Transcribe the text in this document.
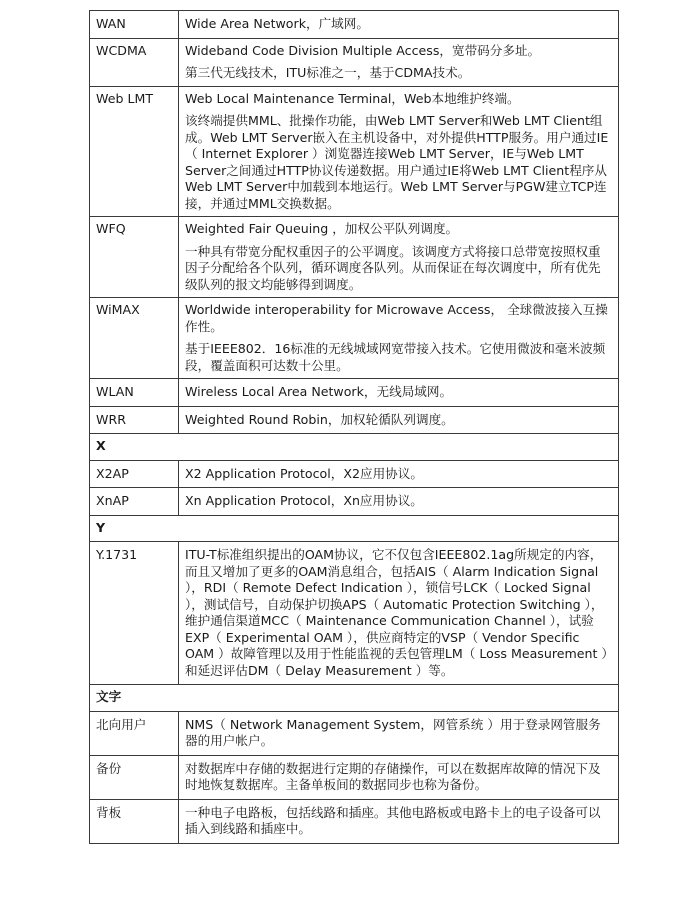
WAN	Wide Area Network，广域网。

WCDMA	Wideband Code Division Multiple Access，宽带码分多址。

第三代无线技术，ITU标准之一，基于CDMA技术。

Web LMT	Web Local Maintenance Terminal，Web本地维护终端。

该终端提供MML、批操作功能，由Web LMT Server和Web LMT Client组成。Web LMT Server嵌入在主机设备中，对外提供HTTP服务。用户通过IE（ Internet Explorer ）浏览器连接Web LMT Server，IE与Web LMT Server之间通过HTTP协议传递数据。用户通过IE将Web LMT Client程序从Web LMT Server中加载到本地运行。Web LMT Server与PGW建立TCP连接，并通过MML交换数据。

WFQ	Weighted Fair Queuing ，加权公平队列调度。

一种具有带宽分配权重因子的公平调度。该调度方式将接口总带宽按照权重因子分配给各个队列，循环调度各队列。从而保证在每次调度中，所有优先级队列的报文均能够得到调度。

WiMAX	Worldwide interoperability for Microwave Access， 全球微波接入互操作性。

基于IEEE802．16标准的无线城域网宽带接入技术。它使用微波和毫米波频段，覆盖面积可达数十公里。

WLAN	Wireless Local Area Network，无线局域网。

WRR	Weighted Round Robin，加权轮循队列调度。

X	
X2AP	X2 Application Protocol，X2应用协议。

XnAP	Xn Application Protocol，Xn应用协议。

Y	
Y.1731	ITU-T标准组织提出的OAM协议，它不仅包含IEEE802.1ag所规定的内容，而且又增加了更多的OAM消息组合，包括AIS（ Alarm Indication Signal ），RDI（ Remote Defect Indication ），锁信号LCK（ Locked Signal ），测试信号，自动保护切换APS（ Automatic Protection Switching ），维护通信渠道MCC（ Maintenance Communication Channel ），试验EXP（ Experimental OAM ），供应商特定的VSP（ Vendor Specific OAM ）故障管理以及用于性能监视的丢包管理LM（ Loss Measurement ）和延迟评估DM（ Delay Measurement ）等。

文字	
北向用户	NMS（ Network Management System，网管系统 ）用于登录网管服务器的用户帐户。

备份	对数据库中存储的数据进行定期的存储操作，可以在数据库故障的情况下及时地恢复数据库。主备单板间的数据同步也称为备份。

背板	一种电子电路板，包括线路和插座。其他电路板或电路卡上的电子设备可以插入到线路和插座中。
